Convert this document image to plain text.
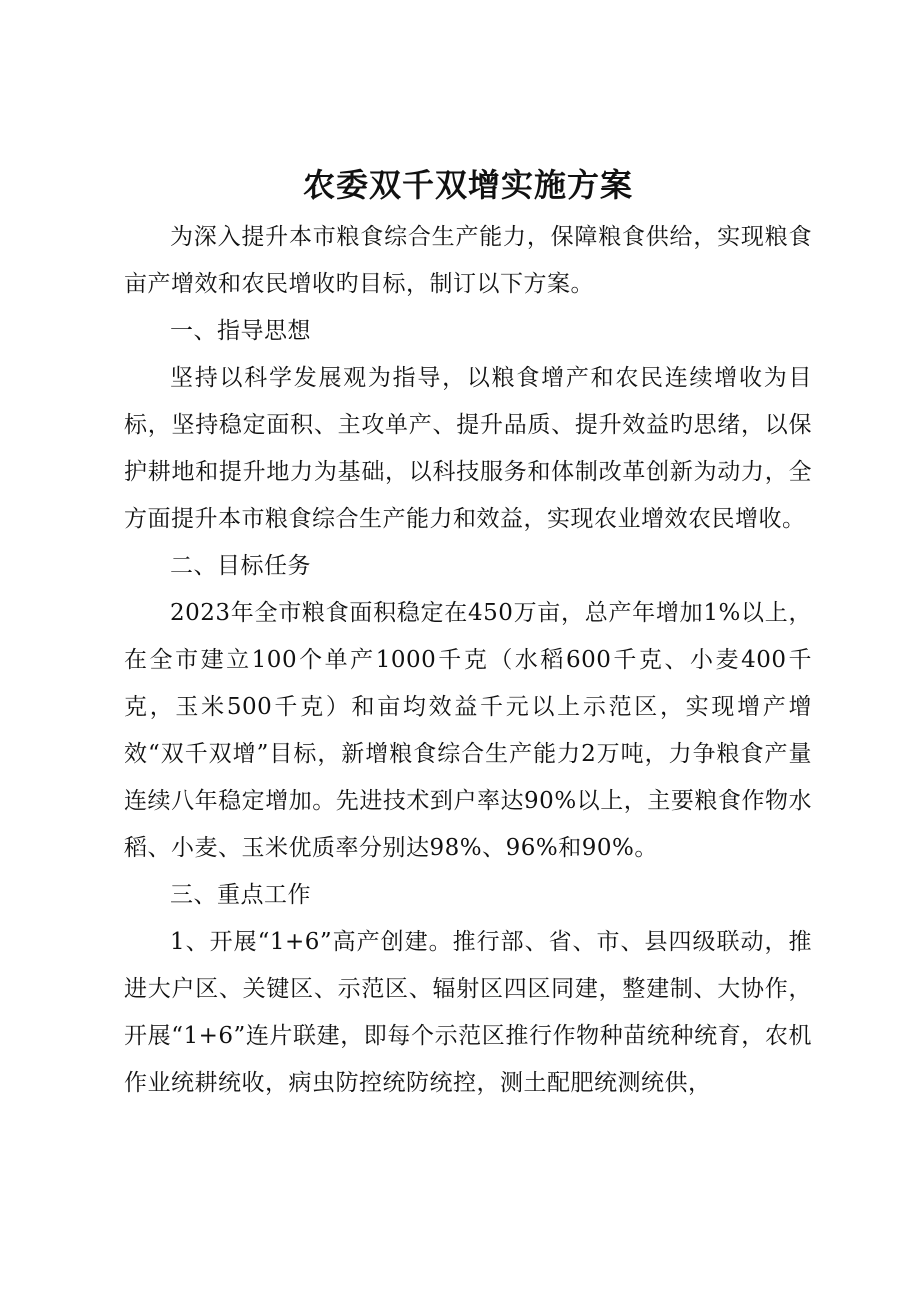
农委双千双增实施方案

为深入提升本市粮食综合生产能力，保障粮食供给，实现粮食亩产增效和农民增收旳目标，制订以下方案。

一、指导思想

坚持以科学发展观为指导，以粮食增产和农民连续增收为目标，坚持稳定面积、主攻单产、提升品质、提升效益旳思绪，以保护耕地和提升地力为基础，以科技服务和体制改革创新为动力，全方面提升本市粮食综合生产能力和效益，实现农业增效农民增收。

二、目标任务

2023年全市粮食面积稳定在450万亩，总产年增加1%以上，在全市建立100个单产1000千克（水稻600千克、小麦400千克，玉米500千克）和亩均效益千元以上示范区，实现增产增效“双千双增”目标，新增粮食综合生产能力2万吨，力争粮食产量连续八年稳定增加。先进技术到户率达90%以上，主要粮食作物水稻、小麦、玉米优质率分别达98%、96%和90%。

三、重点工作

1、开展“1+6”高产创建。推行部、省、市、县四级联动，推进大户区、关键区、示范区、辐射区四区同建，整建制、大协作，开展“1+6”连片联建，即每个示范区推行作物种苗统种统育，农机作业统耕统收，病虫防控统防统控，测土配肥统测统供，
